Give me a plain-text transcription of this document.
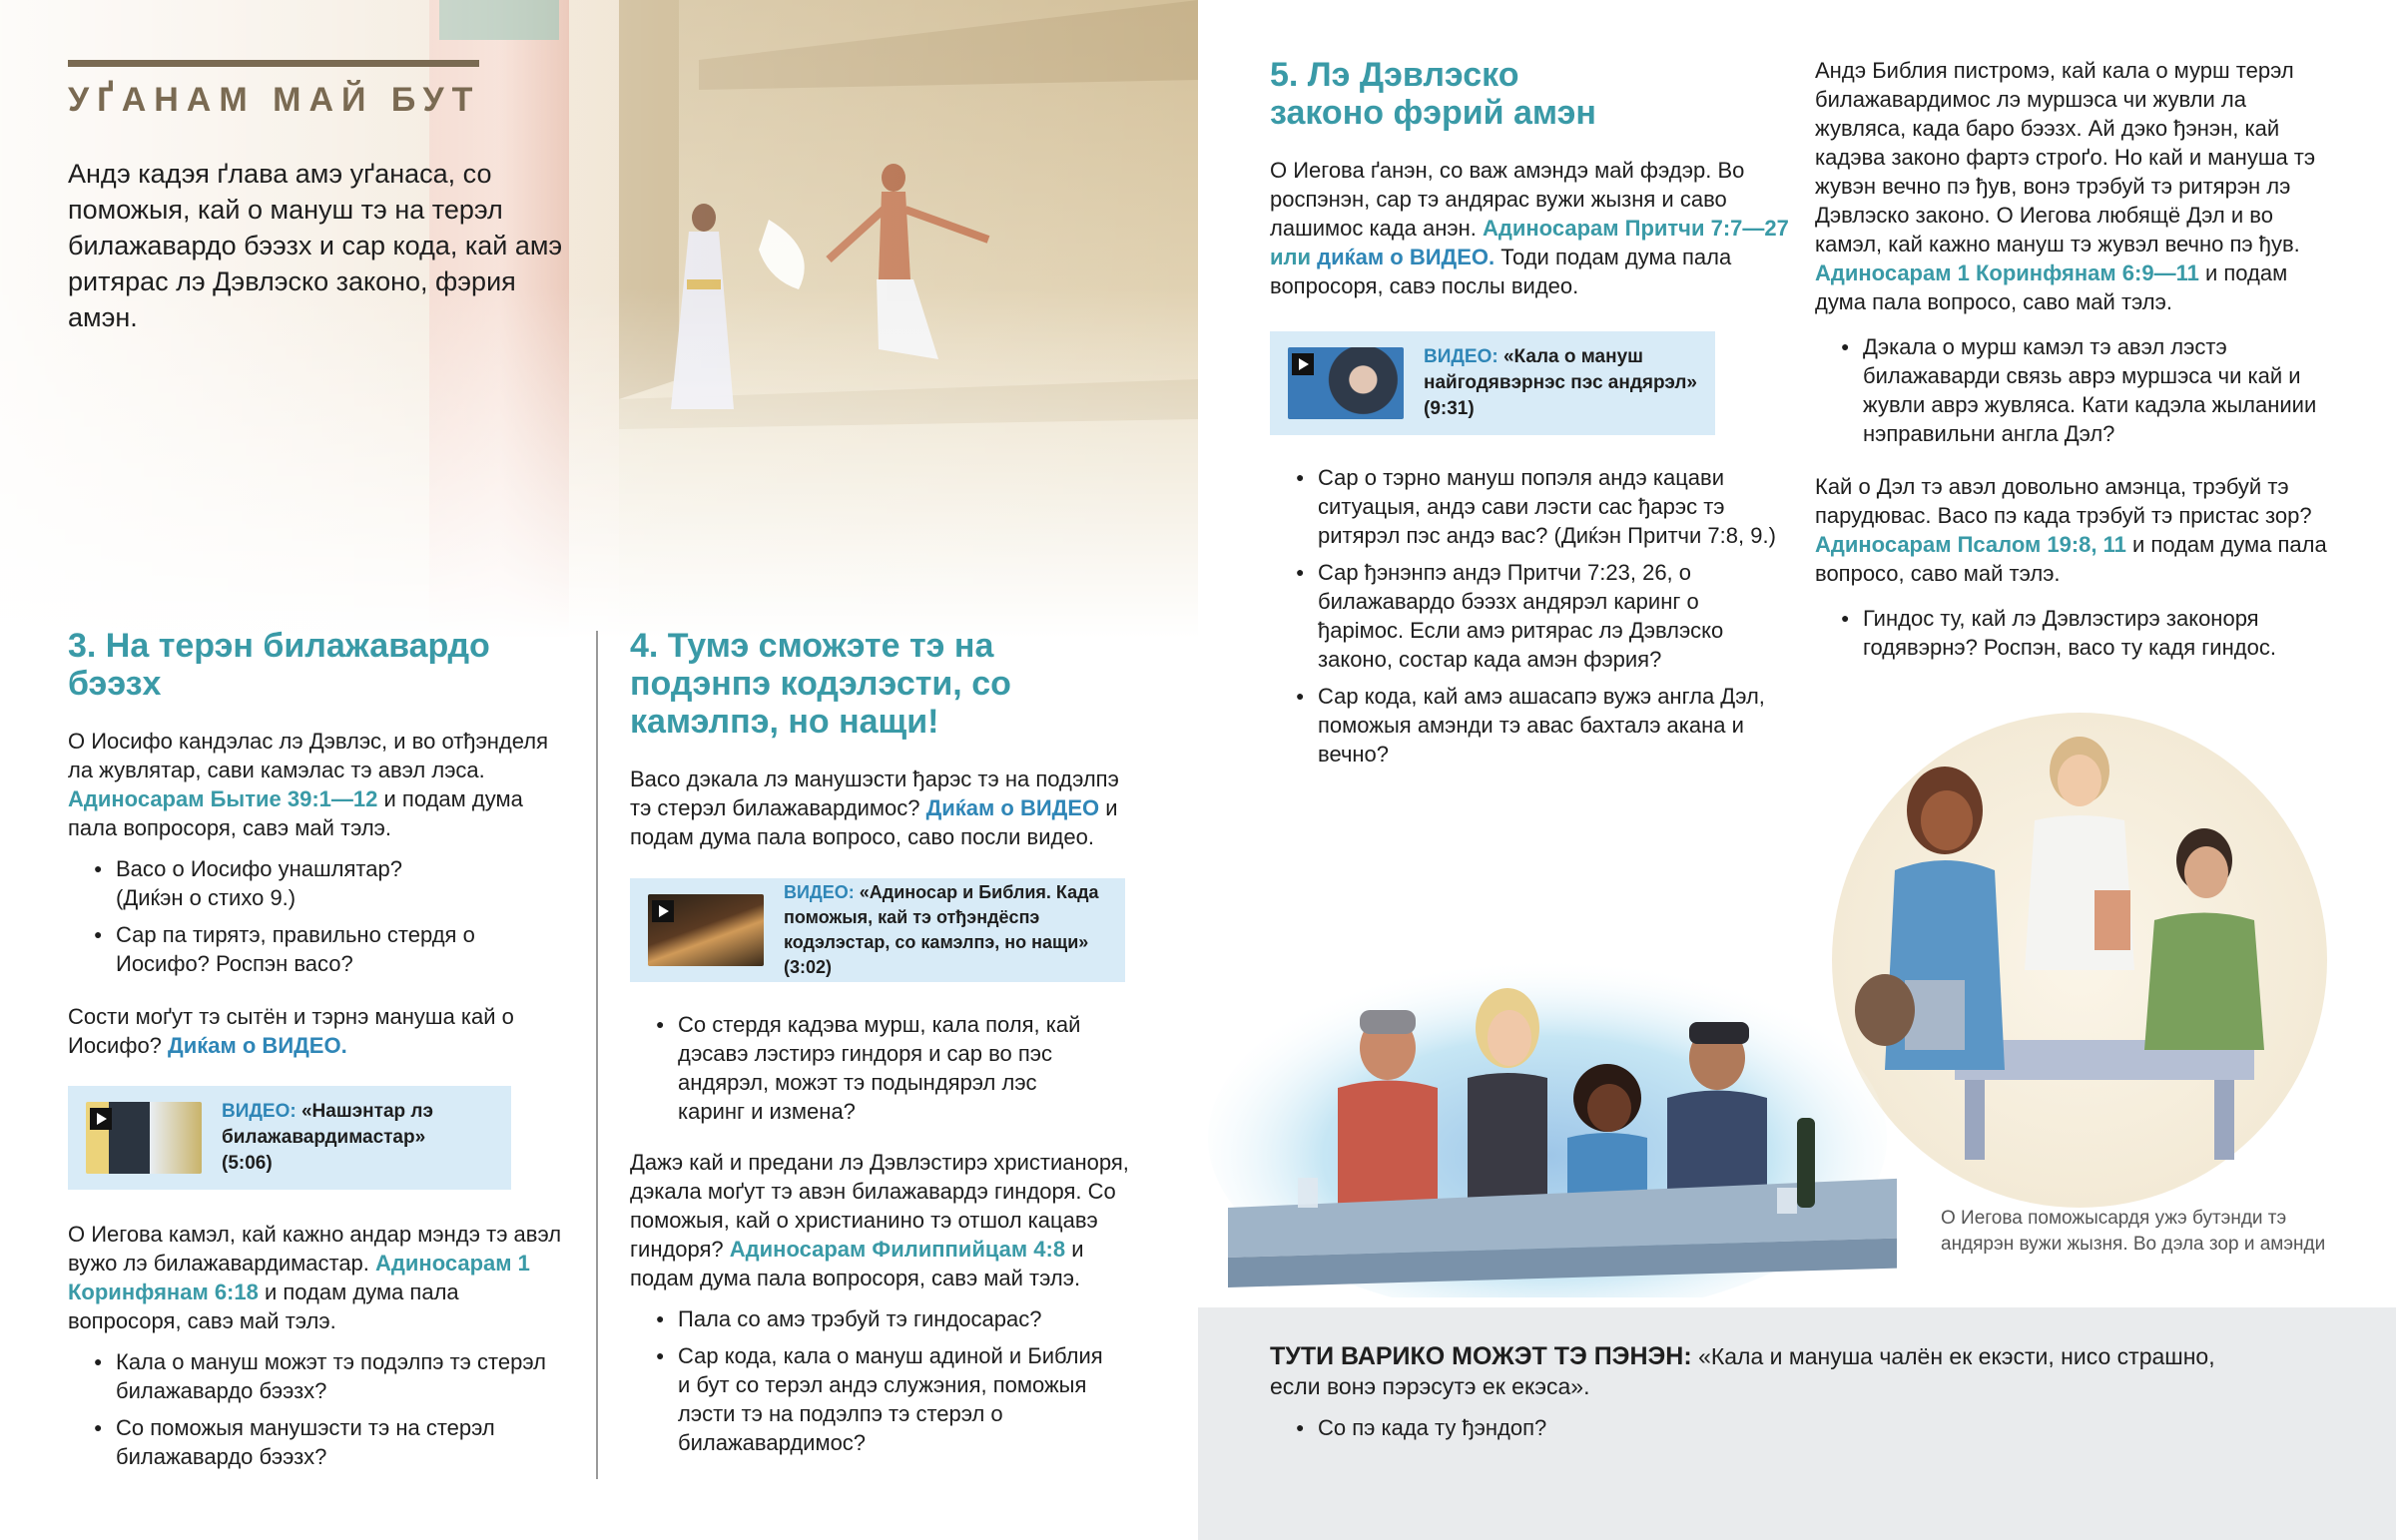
УҐАНАМ МАЙ БУТ
Андэ кадэя ґлава амэ уґанаса, со поможыя, кай о мануш тэ на терэл билажавардо бээзх и сар кода, кай амэ ритярас лэ Дэвлэско законо, фэрия амэн.
3. На терэн билажавардо бээзх

О Иосифо кандэлас лэ Дэвлэс, и во отђэнделя ла жувлятар, сави камэлас тэ авэл лэса. Адиносарам Бытие 39:1—12 и подам дума пала вопросоря, савэ май тэлэ.

● Васо о Иосифо унашлятар? (Диќэн о стихо 9.)
● Сар па тирятэ, правильно стердя о Иосифо? Роспэн васо?

Сости моґут тэ сытён и тэрнэ мануша кай о Иосифо? Диќам о ВИДЕО.

ВИДЕО: «Нашэнтар лэ билажавардимастар»
(5:06)

О Иегова камэл, кай кажно андар мэндэ тэ авэл вужо лэ билажавардимастар. Адиносарам 1 Коринфянам 6:18 и подам дума пала вопросоря, савэ май тэлэ.

● Кала о мануш можэт тэ подэлпэ тэ стерэл билажавардо бээзх?
● Со поможыя манушэсти тэ на стерэл билажавардо бээзх?
4. Тумэ сможэте тэ на подэнпэ кодэлэсти, со камэлпэ, но нащи!

Васо дэкала лэ манушэсти ђарэс тэ на подэлпэ тэ стерэл билажавардимос? Диќам о ВИДЕО и подам дума пала вопросо, саво посли видео.

ВИДЕО: «Адиносар и Библия. Када поможыя, кай тэ отђэндёспэ кодэлэстар, со камэлпэ, но нащи» (3:02)
● Со стердя кадэва мурш, кала поля, кай дэсавэ лэстирэ гиндоря и сар во пэс андярэл, можэт тэ подындярэл лэс каринг и измена?

Дажэ кай и предани лэ Дэвлэстирэ христианоря, дэкала моґут тэ авэн билажавардэ гиндоря. Со поможыя, кай о христианино тэ отшол кацавэ гиндоря? Адиносарам Филиппийцам 4:8 и подам дума пала вопросоря, савэ май тэлэ.

● Пала со амэ трэбуй тэ гиндосарас?
● Сар кода, кала о мануш адиной и Библия и бут со терэл андэ служэния, поможыя лэсти тэ на подэлпэ тэ стерэл о билажавардимос?
5. Лэ Дэвлэско законо фэрий амэн

О Иегова ґанэн, со важ амэндэ май фэдэр. Во роспэнэн, сар тэ андярас вужи жызня и саво лашимос када анэн. Адиносарам Притчи 7:7—27 или диќам о ВИДЕО. Тоди подам дума пала вопросоря, савэ послы видео.

ВИДЕО: «Кала о мануш найгодявэрнэс пэс андярэл» (9:31)
● Сар о тэрно мануш попэля андэ кацави ситуацыя, андэ сави лэсти сас ђарэс тэ ритярэл пэс андэ вас? (Диќэн Притчи 7:8, 9.)
● Сар ђэнэнпэ андэ Притчи 7:23, 26, о билажавардо бээзх андярэл каринг о ђарімос. Если амэ ритярас лэ Дэвлэско законо, состар када амэн фэрия?
● Сар кода, кай амэ ашасапэ вужэ англа Дэл, поможыя амэнди тэ авас бахталэ акана и вечно?

Андэ Библия пистромэ, кай кала о мурш терэл билажавардимос лэ муршэса чи жувли ла жувляса, када баро бээзх. Ай дэко ђэнэн, кай кадэва законо фартэ строґо. Но кай и мануша тэ жувэн вечно пэ ђув, вонэ трэбуй тэ ритярэн лэ Дэвлэско законо. О Иегова любящё Дэл и во камэл, кай кажно мануш тэ жувэл вечно пэ ђув. Адиносарам 1 Коринфянам 6:9—11 и подам дума пала вопросо, саво май тэлэ.

● Дэкала о мурш камэл тэ авэл лэстэ билажаварди связь аврэ муршэса чи кай и жувли аврэ жувляса. Кати кадэла жыланиии нэправильни англа Дэл?

Кай о Дэл тэ авэл довольно амэнца, трэбуй тэ парудювас. Васо пэ када трэбуй тэ пристас зор? Адиносарам Псалом 19:8, 11 и подам дума пала вопросо, саво май тэлэ.

● Гиндос ту, кай лэ Дэвлэстирэ законоря годявэрнэ? Роспэн, васо ту кадя гиндос.
О Иегова поможысардя ужэ бутэнди тэ андярэн вужи жызня. Во дэла зор и амэнди

ТУТИ ВАРИКО МОЖЭТ ТЭ ПЭНЭН: «Кала и мануша чалён ек екэсти, нисо страшно, если вонэ пэрэсутэ ек екэса».

● Со пэ када ту ђэндоп?
